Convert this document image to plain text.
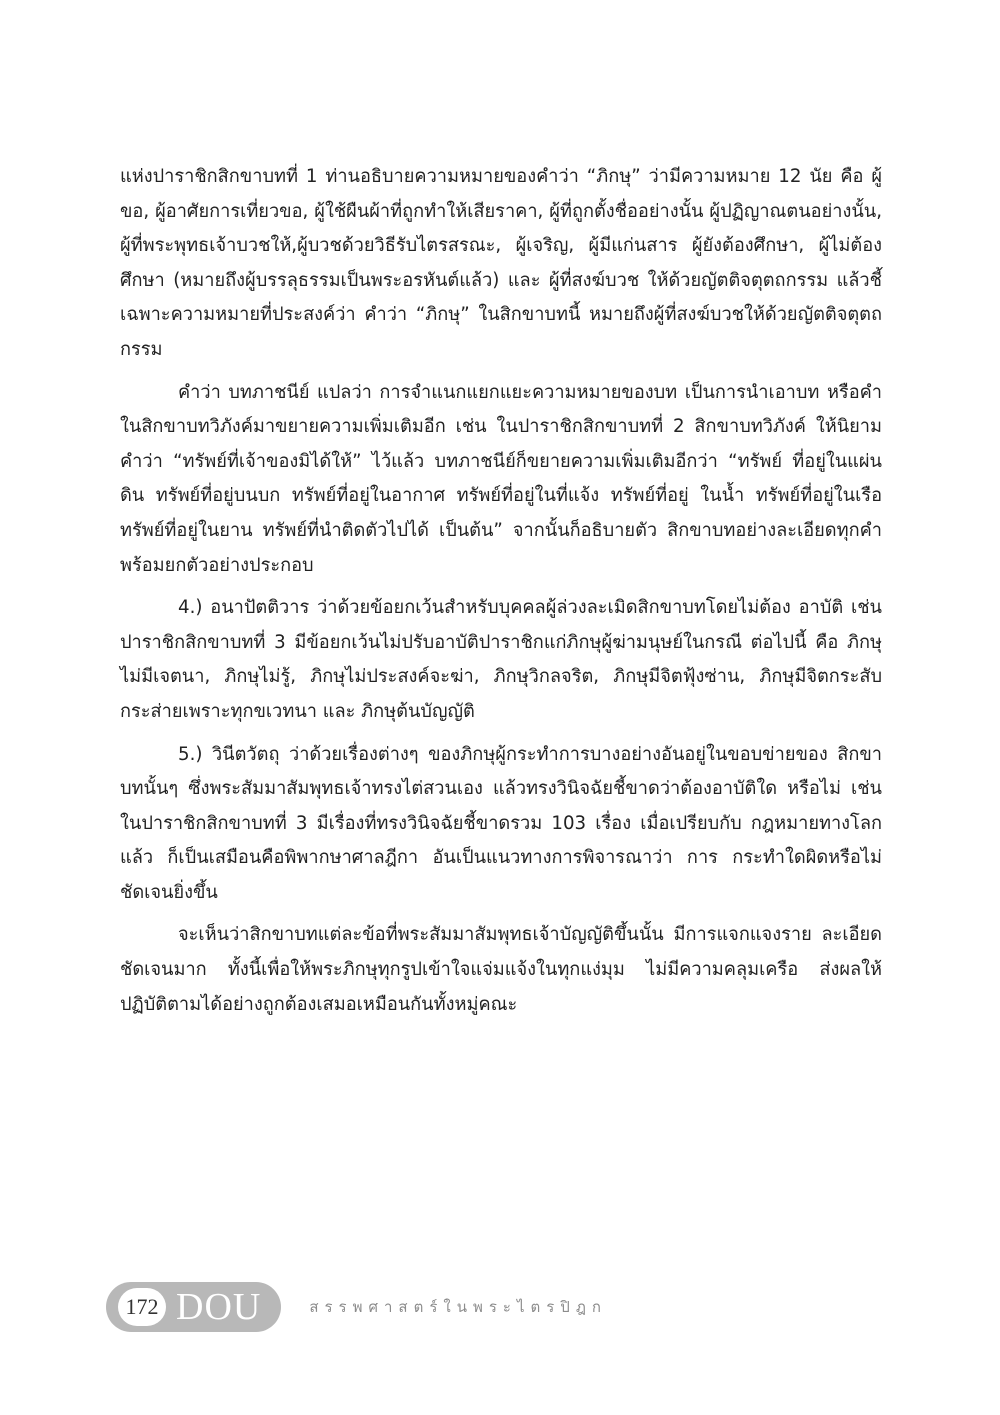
แห่งปาราชิกสิกขาบทที่ 1 ท่านอธิบายความหมายของคำว่า “ภิกษุ” ว่ามีความหมาย 12 นัย คือ ผู้ขอ, ผู้อาศัยการเที่ยวขอ, ผู้ใช้ผืนผ้าที่ถูกทำให้เสียราคา, ผู้ที่ถูกตั้งชื่ออย่างนั้น ผู้ปฏิญาณตนอย่างนั้น, ผู้ที่พระพุทธเจ้าบวชให้,ผู้บวชด้วยวิธีรับไตรสรณะ, ผู้เจริญ, ผู้มีแก่นสาร ผู้ยังต้องศึกษา, ผู้ไม่ต้องศึกษา (หมายถึงผู้บรรลุธรรมเป็นพระอรหันต์แล้ว) และ ผู้ที่สงฆ์บวช ให้ด้วยญัตติจตุตถกรรม แล้วชี้เฉพาะความหมายที่ประสงค์ว่า คำว่า “ภิกษุ” ในสิกขาบทนี้ หมายถึงผู้ที่สงฆ์บวชให้ด้วยญัตติจตุตถกรรม

คำว่า บทภาชนีย์ แปลว่า การจำแนกแยกแยะความหมายของบท เป็นการนำเอาบท หรือคำในสิกขาบทวิภังค์มาขยายความเพิ่มเติมอีก เช่น ในปาราชิกสิกขาบทที่ 2 สิกขาบทวิภังค์ ให้นิยามคำว่า “ทรัพย์ที่เจ้าของมิได้ให้” ไว้แล้ว บทภาชนีย์ก็ขยายความเพิ่มเติมอีกว่า “ทรัพย์ ที่อยู่ในแผ่นดิน ทรัพย์ที่อยู่บนบก ทรัพย์ที่อยู่ในอากาศ ทรัพย์ที่อยู่ในที่แจ้ง ทรัพย์ที่อยู่ ในน้ำ ทรัพย์ที่อยู่ในเรือ ทรัพย์ที่อยู่ในยาน ทรัพย์ที่นำติดตัวไปได้ เป็นต้น” จากนั้นก็อธิบายตัว สิกขาบทอย่างละเอียดทุกคำพร้อมยกตัวอย่างประกอบ

4.) อนาปัตติวาร ว่าด้วยข้อยกเว้นสำหรับบุคคลผู้ล่วงละเมิดสิกขาบทโดยไม่ต้อง อาบัติ เช่น ปาราชิกสิกขาบทที่ 3 มีข้อยกเว้นไม่ปรับอาบัติปาราชิกแก่ภิกษุผู้ฆ่ามนุษย์ในกรณี ต่อไปนี้ คือ ภิกษุไม่มีเจตนา, ภิกษุไม่รู้, ภิกษุไม่ประสงค์จะฆ่า, ภิกษุวิกลจริต, ภิกษุมีจิตฟุ้งซ่าน, ภิกษุมีจิตกระสับกระส่ายเพราะทุกขเวทนา และ ภิกษุต้นบัญญัติ

5.) วินีตวัตถุ ว่าด้วยเรื่องต่างๆ ของภิกษุผู้กระทำการบางอย่างอันอยู่ในขอบข่ายของ สิกขาบทนั้นๆ ซึ่งพระสัมมาสัมพุทธเจ้าทรงไต่สวนเอง แล้วทรงวินิจฉัยชี้ขาดว่าต้องอาบัติใด หรือไม่ เช่น ในปาราชิกสิกขาบทที่ 3 มีเรื่องที่ทรงวินิจฉัยชี้ขาดรวม 103 เรื่อง เมื่อเปรียบกับ กฎหมายทางโลกแล้ว ก็เป็นเสมือนคือพิพากษาศาลฎีกา อันเป็นแนวทางการพิจารณาว่า การ กระทำใดผิดหรือไม่ชัดเจนยิ่งขึ้น

จะเห็นว่าสิกขาบทแต่ละข้อที่พระสัมมาสัมพุทธเจ้าบัญญัติขึ้นนั้น มีการแจกแจงราย ละเอียดชัดเจนมาก ทั้งนี้เพื่อให้พระภิกษุทุกรูปเข้าใจแจ่มแจ้งในทุกแง่มุม ไม่มีความคลุมเครือ ส่งผลให้ปฏิบัติตามได้อย่างถูกต้องเสมอเหมือนกันทั้งหมู่คณะ

172 DOU	สรรพศาสตร์ในพระไตรปิฎก
